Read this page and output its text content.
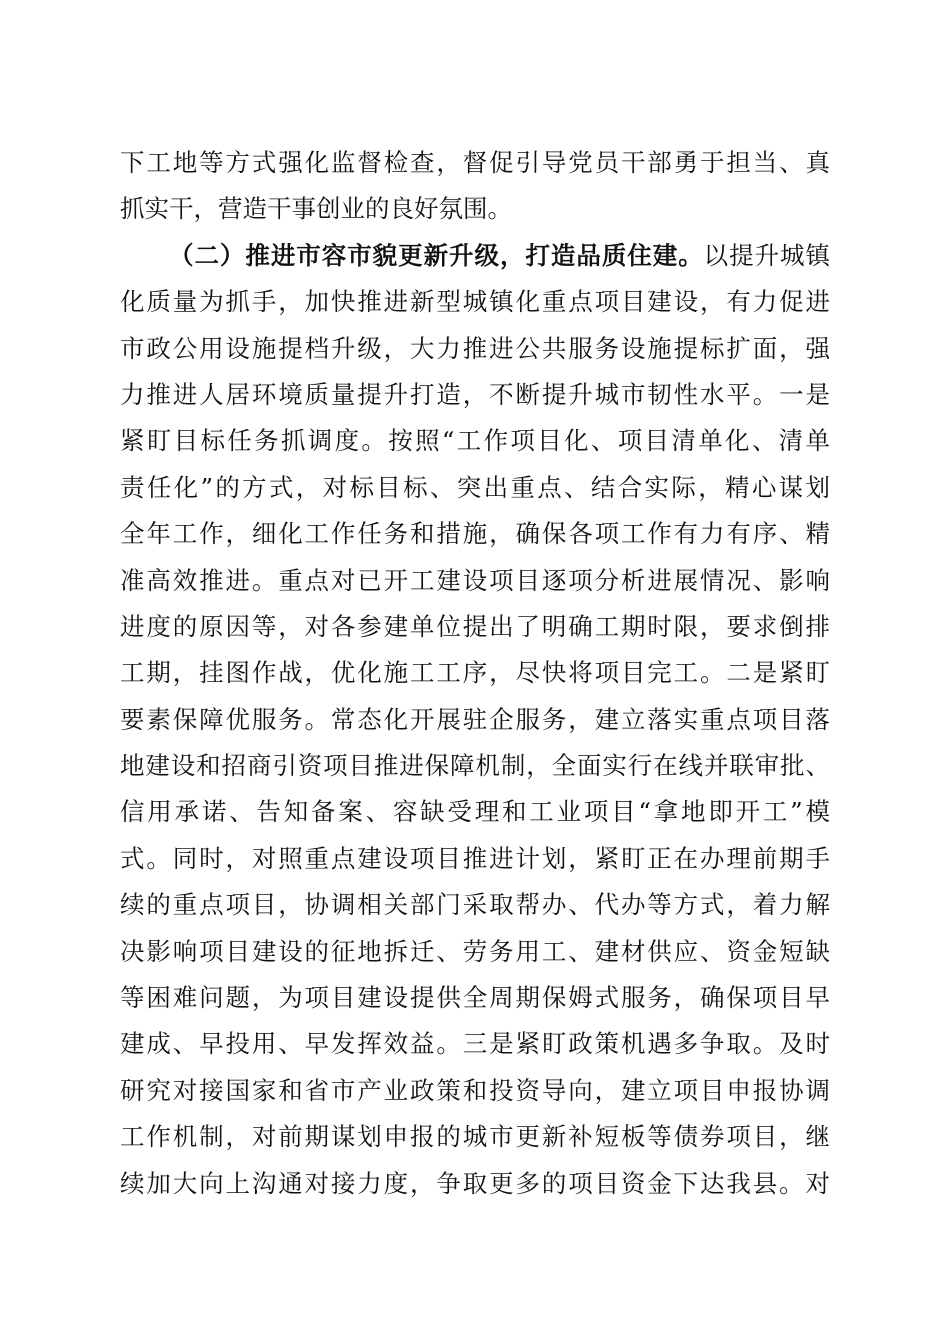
下工地等方式强化监督检查，督促引导党员干部勇于担当、真
抓实干，营造干事创业的良好氛围。
（二）推进市容市貌更新升级，打造品质住建。以提升城镇
化质量为抓手，加快推进新型城镇化重点项目建设，有力促进
市政公用设施提档升级，大力推进公共服务设施提标扩面，强
力推进人居环境质量提升打造，不断提升城市韧性水平。一是
紧盯目标任务抓调度。按照“工作项目化、项目清单化、清单
责任化”的方式，对标目标、突出重点、结合实际，精心谋划
全年工作，细化工作任务和措施，确保各项工作有力有序、精
准高效推进。重点对已开工建设项目逐项分析进展情况、影响
进度的原因等，对各参建单位提出了明确工期时限，要求倒排
工期，挂图作战，优化施工工序，尽快将项目完工。二是紧盯
要素保障优服务。常态化开展驻企服务，建立落实重点项目落
地建设和招商引资项目推进保障机制，全面实行在线并联审批、
信用承诺、告知备案、容缺受理和工业项目“拿地即开工”模
式。同时，对照重点建设项目推进计划，紧盯正在办理前期手
续的重点项目，协调相关部门采取帮办、代办等方式，着力解
决影响项目建设的征地拆迁、劳务用工、建材供应、资金短缺
等困难问题，为项目建设提供全周期保姆式服务，确保项目早
建成、早投用、早发挥效益。三是紧盯政策机遇多争取。及时
研究对接国家和省市产业政策和投资导向，建立项目申报协调
工作机制，对前期谋划申报的城市更新补短板等债券项目，继
续加大向上沟通对接力度，争取更多的项目资金下达我县。对
